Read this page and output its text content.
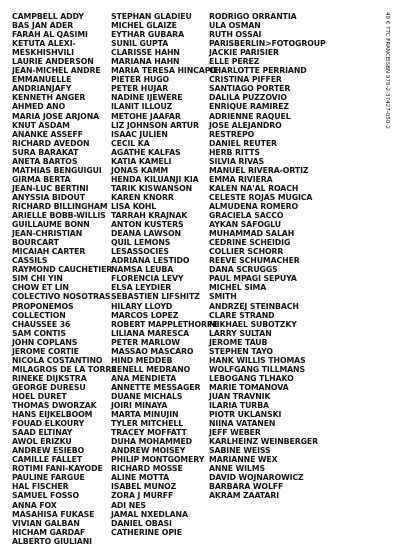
CAMPBELL ADDY
BAS JAN ADER
FARAH AL QASIMI
KETUTA ALEXI-
MESKHISHVILI
LAURIE ANDERSON
JEAN-MICHEL ANDRE
EMMANUELLE
ANDRIANJAFY
KENNETH ANGER
AHMED ANO
MARIA JOSE ARJONA
KNUT ASDAM
ANANKE ASSEFF
RICHARD AVEDON
SURA BARAKAT
ANETA BARTOS
MATHIAS BENGUIGUI
GIRMA BERTA
JEAN-LUC BERTINI
ANYSSIA BIDOUT
RICHARD BILLINGHAM
ARIELLE BOBB-WILLIS
GUILLAUME BONN
JEAN-CHRISTIAN
BOURCART
MICAIAH CARTER
CASSILS
RAYMOND CAUCHETIER
SIM CHI YIN
CHOW ET LIN
COLECTIVO NOSOTRAS
PROPONEMOS
COLLECTION
CHAUSSEE 36
SAM CONTIS
JOHN COPLANS
JEROME CORTIE
NICOLA COSTANTINO
MILAGROS DE LA TORRE
RINEKE DIJKSTRA
GEORGE DURESU
HOEL DURET
THOMAS DWORZAK
HANS EIJKELBOOM
FOUAD ELKOURY
SAAD ELTINAY
AWOL ERIZKU
ANDREW ESIEBO
CAMILLE FALLET
ROTIMI FANI-KAYODE
PAULINE FARGUE
HAL FISCHER
SAMUEL FOSSO
ANNA FOX
MASAHISA FUKASE
VIVIAN GALBAN
HICHAM GARDAF
ALBERTO GIULIANI
STEPHAN GLADIEU
MICHEL GLAIZE
EYTHAR GUBARA
SUNIL GUPTA
CLARISSE HAHN
MARIANA HAHN
MARIA TERESA HINCAPIE
PIETER HUGO
PETER HUJAR
NADINE IJEWERE
ILANIT ILLOUZ
METOHE JAAFAR
LIZ JOHNSON ARTUR
ISAAC JULIEN
CECIL KA
AGATHE KALFAS
KATIA KAMELI
JONAS KAMM
HENDA KILUANJI KIA
TARIK KISWANSON
KAREN KNORR
LISA KOHL
TARRAH KRAJNAK
ANTON KUSTERS
DEANA LAWSON
QUIL LEMONS
LESASSOCIES
ADRIANA LESTIDO
NAMSA LEUBA
FLORENCIA LEVY
ELSA LEYDIER
SEBASTIEN LIFSHITZ
HILARY LLOYD
MARCOS LOPEZ
ROBERT MAPPLETHORPE
LILIANA MARESCA
PETER MARLOW
MASSAO MASCARO
HIND MEDDEB
RENELL MEDRANO
ANA MENDIETA
ANNETTE MESSAGER
DUANE MICHALS
JOIRI MINAYA
MARTA MINUJIN
TYLER MITCHELL
TRACEY MOFFATT
DUHA MOHAMMED
ANDREW MOISEY
PHILIP MONTGOMERY
RICHARD MOSSE
ALINE MOTTA
ISABEL MUNOZ
ZORA J MURFF
ADI NES
JAMAL NXEDLANA
DANIEL OBASI
CATHERINE OPIE
RODRIGO ORRANTIA
ULA OSMAN
RUTH OSSAI
PARISBERLIN>FOTOGROUP
JACKIE PARISIER
ELLE PEREZ
CHARLOTTE PERRIAND
CRISTINA PIFFER
SANTIAGO PORTER
DALILA PUZZOVIO
ENRIQUE RAMIREZ
ADRIENNE RAQUEL
JOSE ALEJANDRO
RESTREPO
DANIEL REUTER
HERB RITTS
SILVIA RIVAS
MANUEL RIVERA-ORTIZ
EMMA RIVIERA
KALEN NA'AL ROACH
CELESTE ROJAS MUGICA
ALMUDENA ROMERO
GRACIELA SACCO
AYKAN SAFOGLU
MUHAMMAD SALAH
CEDRINE SCHEIDIG
COLLIER SCHORR
REEVE SCHUMACHER
DANA SCRUGGS
PAUL MPAGI SEPUYA
MICHEL SIMA
SMITH
ANDRZEJ STEINBACH
CLARE STRAND
MIKHAEL SUBOTZKY
LARRY SULTAN
JEROME TAUB
STEPHEN TAYO
HANK WILLIS THOMAS
WOLFGANG TILLMANS
LEBOGANG TLHAKO
MARIE TOMANOVA
JUAN TRAVNIK
ILARIA TURBA
PIOTR UKLANSKI
NIINA VATANEN
JEFF WEBER
KARLHEINZ WEINBERGER
SABINE WEISS
MARIANNE WEX
ANNE WILMS
DAVID WOJNAROWICZ
BARBARA WOLFF
AKRAM ZAATARI
49 € TTC FRANCE
ISBN 978-2-37427-050-2
